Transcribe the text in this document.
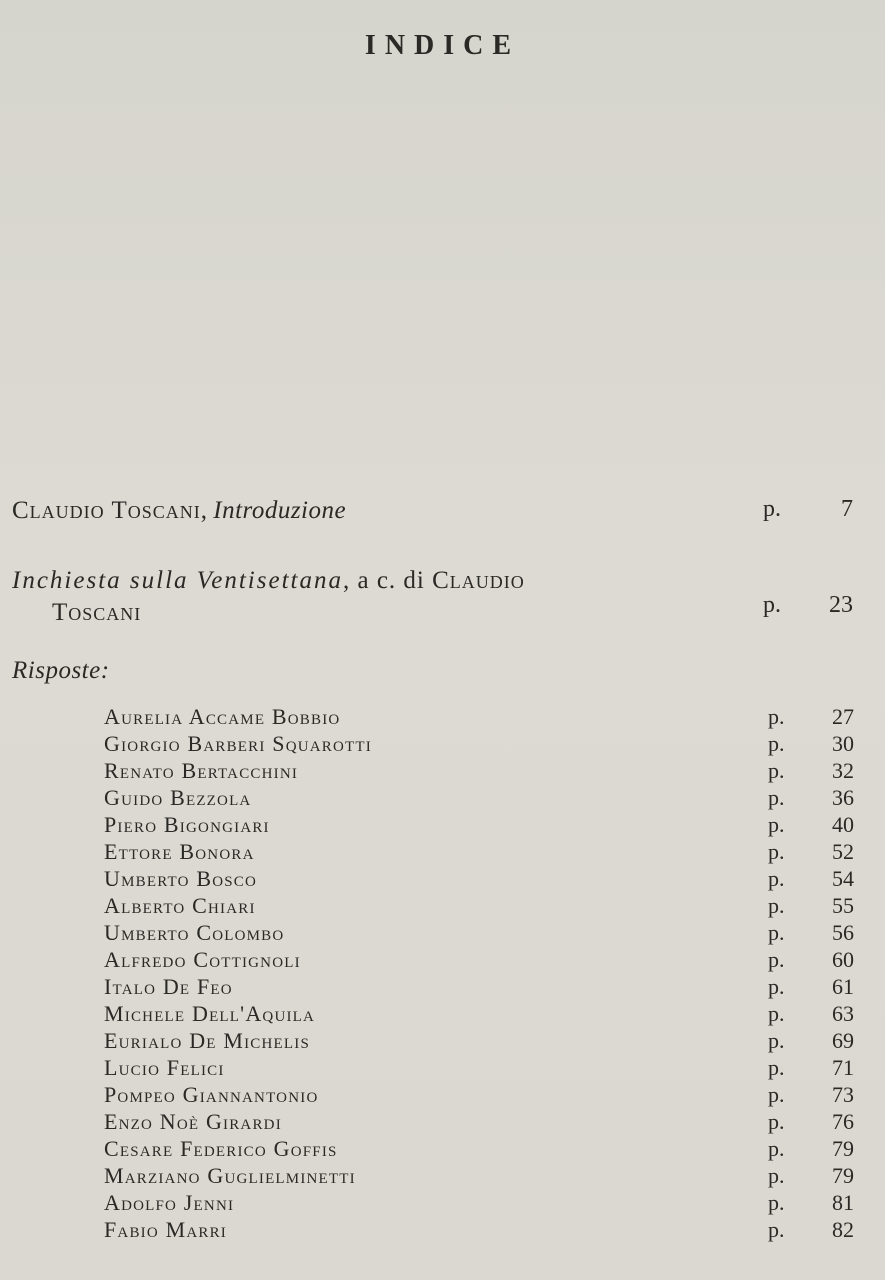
INDICE
Claudio Toscani, Introduzione	p.	7
Inchiesta sulla Ventisettana, a c. di Claudio
Toscani	p.	23

Risposte:

Aurelia Accame Bobbio	p.	27
Giorgio Barberi Squarotti	p.	30
Renato Bertacchini	p.	32
Guido Bezzola	p.	36
Piero Bigongiari	p.	40
Ettore Bonora	p.	52
Umberto Bosco	p.	54
Alberto Chiari	p.	55
Umberto Colombo	p.	56
Alfredo Cottignoli	p.	60
Italo De Feo	p.	61
Michele Dell'Aquila	p.	63
Eurialo De Michelis	p.	69
Lucio Felici	p.	71
Pompeo Giannantonio	p.	73
Enzo Noè Girardi	p.	76
Cesare Federico Goffis	p.	79
Marziano Guglielminetti	p.	79
Adolfo Jenni	p.	81
Fabio Marri	p.	82
